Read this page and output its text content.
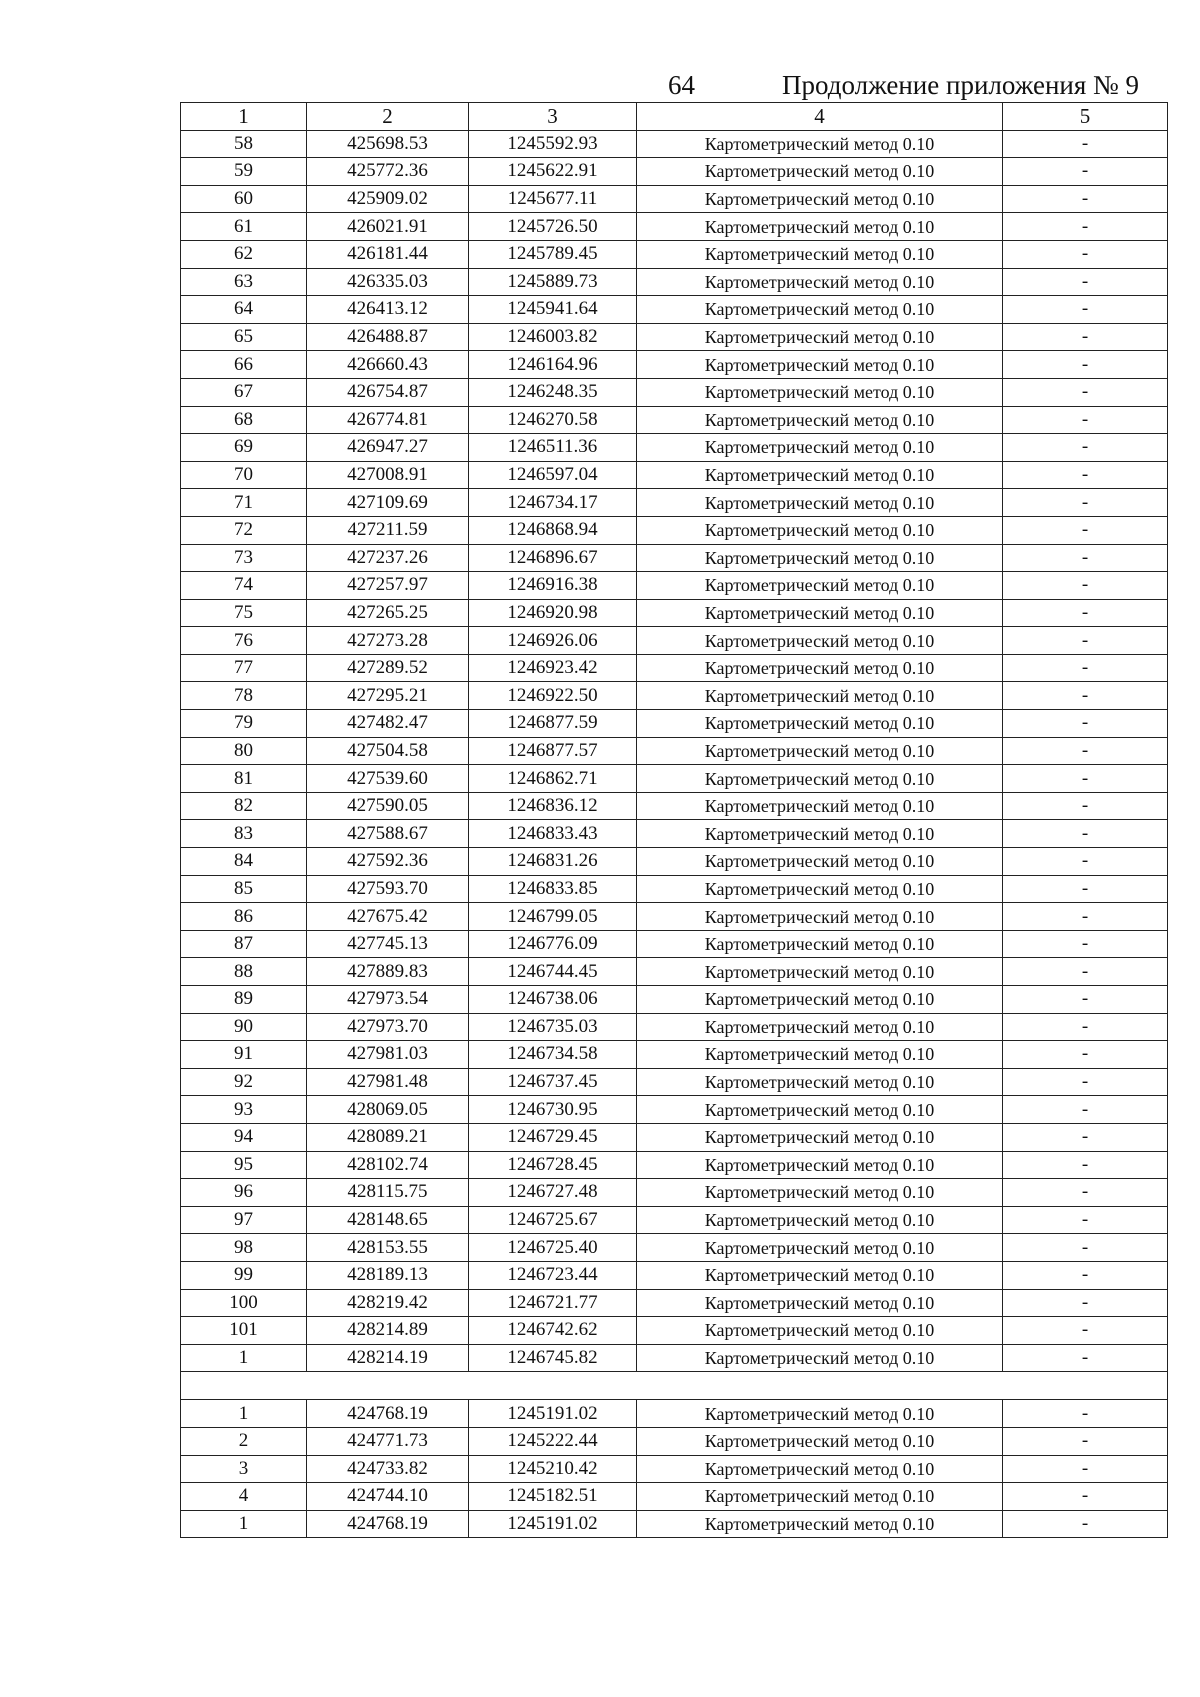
64	Продолжение приложения № 9
1	2	3	4	5
58	425698.53	1245592.93	Картометрический метод 0.10	-
59	425772.36	1245622.91	Картометрический метод 0.10	-
60	425909.02	1245677.11	Картометрический метод 0.10	-
61	426021.91	1245726.50	Картометрический метод 0.10	-
62	426181.44	1245789.45	Картометрический метод 0.10	-
63	426335.03	1245889.73	Картометрический метод 0.10	-
64	426413.12	1245941.64	Картометрический метод 0.10	-
65	426488.87	1246003.82	Картометрический метод 0.10	-
66	426660.43	1246164.96	Картометрический метод 0.10	-
67	426754.87	1246248.35	Картометрический метод 0.10	-
68	426774.81	1246270.58	Картометрический метод 0.10	-
69	426947.27	1246511.36	Картометрический метод 0.10	-
70	427008.91	1246597.04	Картометрический метод 0.10	-
71	427109.69	1246734.17	Картометрический метод 0.10	-
72	427211.59	1246868.94	Картометрический метод 0.10	-
73	427237.26	1246896.67	Картометрический метод 0.10	-
74	427257.97	1246916.38	Картометрический метод 0.10	-
75	427265.25	1246920.98	Картометрический метод 0.10	-
76	427273.28	1246926.06	Картометрический метод 0.10	-
77	427289.52	1246923.42	Картометрический метод 0.10	-
78	427295.21	1246922.50	Картометрический метод 0.10	-
79	427482.47	1246877.59	Картометрический метод 0.10	-
80	427504.58	1246877.57	Картометрический метод 0.10	-
81	427539.60	1246862.71	Картометрический метод 0.10	-
82	427590.05	1246836.12	Картометрический метод 0.10	-
83	427588.67	1246833.43	Картометрический метод 0.10	-
84	427592.36	1246831.26	Картометрический метод 0.10	-
85	427593.70	1246833.85	Картометрический метод 0.10	-
86	427675.42	1246799.05	Картометрический метод 0.10	-
87	427745.13	1246776.09	Картометрический метод 0.10	-
88	427889.83	1246744.45	Картометрический метод 0.10	-
89	427973.54	1246738.06	Картометрический метод 0.10	-
90	427973.70	1246735.03	Картометрический метод 0.10	-
91	427981.03	1246734.58	Картометрический метод 0.10	-
92	427981.48	1246737.45	Картометрический метод 0.10	-
93	428069.05	1246730.95	Картометрический метод 0.10	-
94	428089.21	1246729.45	Картометрический метод 0.10	-
95	428102.74	1246728.45	Картометрический метод 0.10	-
96	428115.75	1246727.48	Картометрический метод 0.10	-
97	428148.65	1246725.67	Картометрический метод 0.10	-
98	428153.55	1246725.40	Картометрический метод 0.10	-
99	428189.13	1246723.44	Картометрический метод 0.10	-
100	428219.42	1246721.77	Картометрический метод 0.10	-
101	428214.89	1246742.62	Картометрический метод 0.10	-
1	428214.19	1246745.82	Картометрический метод 0.10	-

1	424768.19	1245191.02	Картометрический метод 0.10	-
2	424771.73	1245222.44	Картометрический метод 0.10	-
3	424733.82	1245210.42	Картометрический метод 0.10	-
4	424744.10	1245182.51	Картометрический метод 0.10	-
1	424768.19	1245191.02	Картометрический метод 0.10	-
